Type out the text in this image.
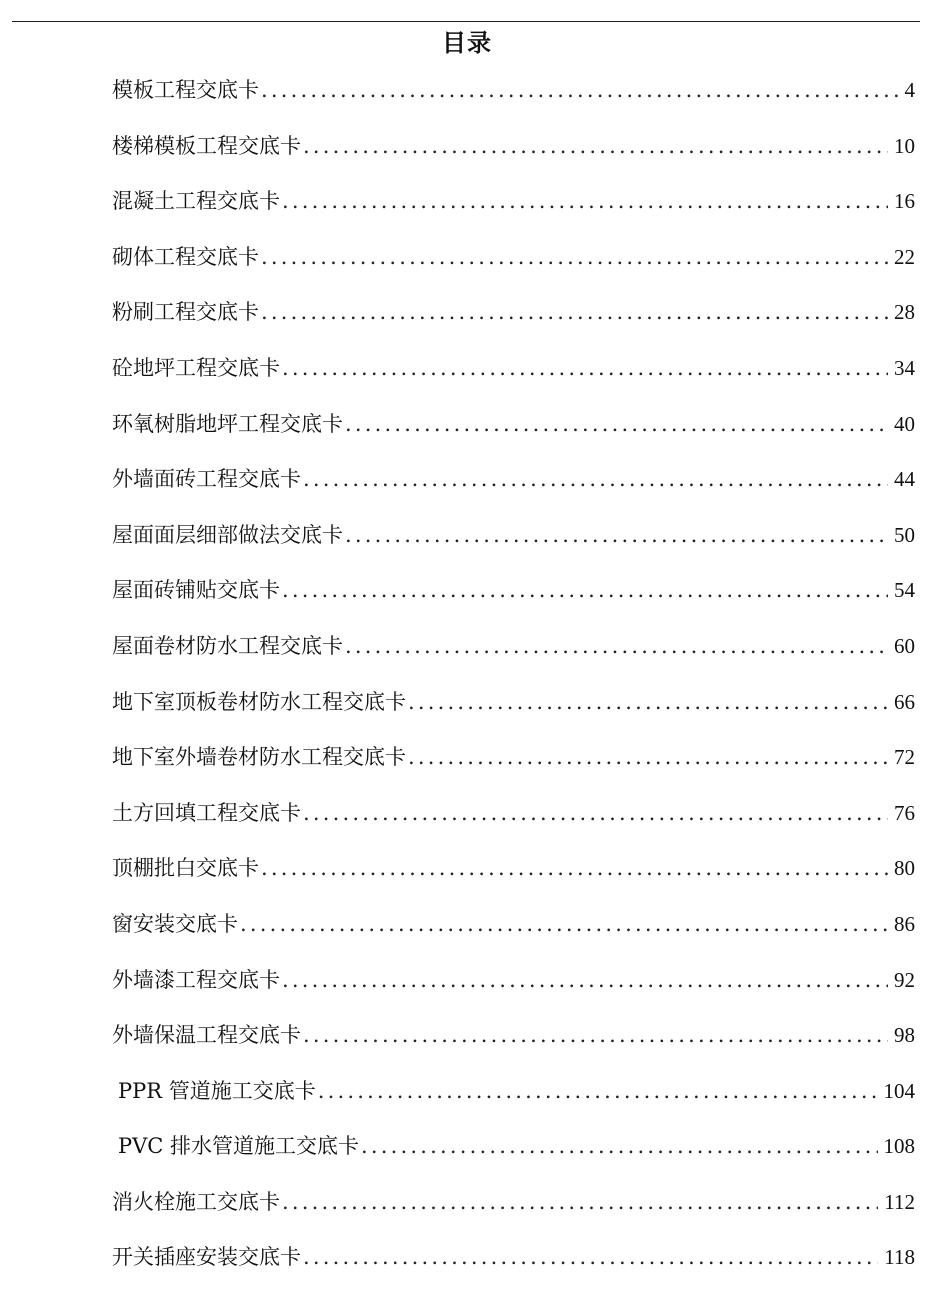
目录
模板工程交底卡 .....	4
楼梯模板工程交底卡 .....	10
混凝土工程交底卡 .....	16
砌体工程交底卡 .....	22
粉刷工程交底卡 .....	28
砼地坪工程交底卡 .....	34
环氧树脂地坪工程交底卡 .....	40
外墙面砖工程交底卡 .....	44
屋面面层细部做法交底卡 .....	50
屋面砖铺贴交底卡 .....	54
屋面卷材防水工程交底卡 .....	60
地下室顶板卷材防水工程交底卡 .....	66
地下室外墙卷材防水工程交底卡 .....	72
土方回填工程交底卡 .....	76
顶棚批白交底卡 .....	80
窗安装交底卡 .....	86
外墙漆工程交底卡 .....	92
外墙保温工程交底卡 .....	98
PPR 管道施工交底卡 .....	104
PVC 排水管道施工交底卡 .....	108
消火栓施工交底卡 .....	112
开关插座安装交底卡 .....	118
